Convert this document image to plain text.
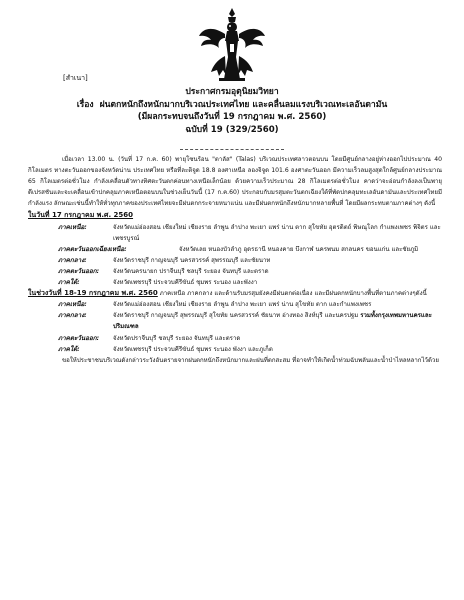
[สำเนา]
ประกาศกรมอุตุนิยมวิทยา
เรื่อง ฝนตกหนักถึงหนักมากบริเวณประเทศไทย และคลื่นลมแรงบริเวณทะเลอันดามัน
(มีผลกระทบจนถึงวันที่ 19 กรกฎาคม พ.ศ. 2560)
ฉบับที่ 19 (329/2560)

เมื่อเวลา 13.00 น. (วันที่ 17 ก.ค. 60) พายุโซนร้อน "ตาลัส" (Talas) บริเวณประเทศลาวตอนบน โดยมีศูนย์กลางอยู่ห่างออกไปประมาณ 40 กิโลเมตร ทางตะวันออกของจังหวัดน่าน ประเทศไทย หรือที่ละติจูด 18.8 องศาเหนือ ลองจิจูด 101.6 องศาตะวันออก มีความเร็วลมสูงสุดใกล้ศูนย์กลางประมาณ 65 กิโลเมตรต่อชั่วโมง กำลังเคลื่อนตัวทางทิศตะวันตกค่อนทางเหนือเล็กน้อย ด้วยความเร็วประมาณ 28 กิโลเมตรต่อชั่วโมง คาดว่าจะอ่อนกำลังลงเป็นพายุดีเปรสชันและจะเคลื่อนเข้าปกคลุมภาคเหนือตอนบนในช่วงเย็นวันนี้ (17 ก.ค.60) ประกอบกับมรสุมตะวันตกเฉียงใต้ที่พัดปกคลุมทะเลอันดามันและประเทศไทยมีกำลังแรง ลักษณะเช่นนี้ทำให้ทั่วทุกภาคของประเทศไทยจะมีฝนตกกระจายหนาแน่น และมีฝนตกหนักถึงหนักมากหลายพื้นที่ โดยมีผลกระทบตามภาคต่างๆ ดังนี้

ในวันที่ 17 กรกฎาคม พ.ศ. 2560
ภาคเหนือ:	จังหวัดแม่ฮ่องสอน เชียงใหม่ เชียงราย ลำพูน ลำปาง พะเยา แพร่ น่าน ตาก สุโขทัย อุตรดิตถ์ พิษณุโลก กำแพงเพชร พิจิตร และเพชรบูรณ์
ภาคตะวันออกเฉียงเหนือ:	จังหวัดเลย หนองบัวลำภู อุดรธานี หนองคาย บึงกาฬ นครพนม สกลนคร ขอนแก่น และชัยภูมิ
ภาคกลาง:	จังหวัดราชบุรี กาญจนบุรี นครสวรรค์ สุพรรณบุรี และชัยนาท
ภาคตะวันออก:	จังหวัดนครนายก ปราจีนบุรี ชลบุรี ระยอง จันทบุรี และตราด
ภาคใต้:	จังหวัดเพชรบุรี ประจวบคีรีขันธ์ ชุมพร ระนอง และพังงา

ในช่วงวันที่ 18-19 กรกฎาคม พ.ศ. 2560 ภาคเหนือ ภาคกลาง และด้านรับมรสุมยังคงมีฝนตกต่อเนื่อง และมีฝนตกหนักบางพื้นที่ตามภาคต่างๆดังนี้

ภาคเหนือ:	จังหวัดแม่ฮ่องสอน เชียงใหม่ เชียงราย ลำพูน ลำปาง พะเยา แพร่ น่าน สุโขทัย ตาก และกำแพงเพชร
ภาคกลาง:	จังหวัดราชบุรี กาญจนบุรี สุพรรณบุรี สุโขทัย นครสวรรค์ ชัยนาท อ่างทอง สิงห์บุรี และนครปฐม รวมทั้งกรุงเทพมหานครและปริมณฑล
ภาคตะวันออก:	จังหวัดปราจีนบุรี ชลบุรี ระยอง จันทบุรี และตราด
ภาคใต้:	จังหวัดเพชรบุรี ประจวบคีรีขันธ์ ชุมพร ระนอง พังงา และภูเก็ต

ขอให้ประชาชนบริเวณดังกล่าวระวังอันตรายจากฝนตกหนักถึงหนักมากและฝนที่ตกสะสม ที่อาจทำให้เกิดน้ำท่วมฉับพลันและน้ำป่าไหลหลากไว้ด้วย
